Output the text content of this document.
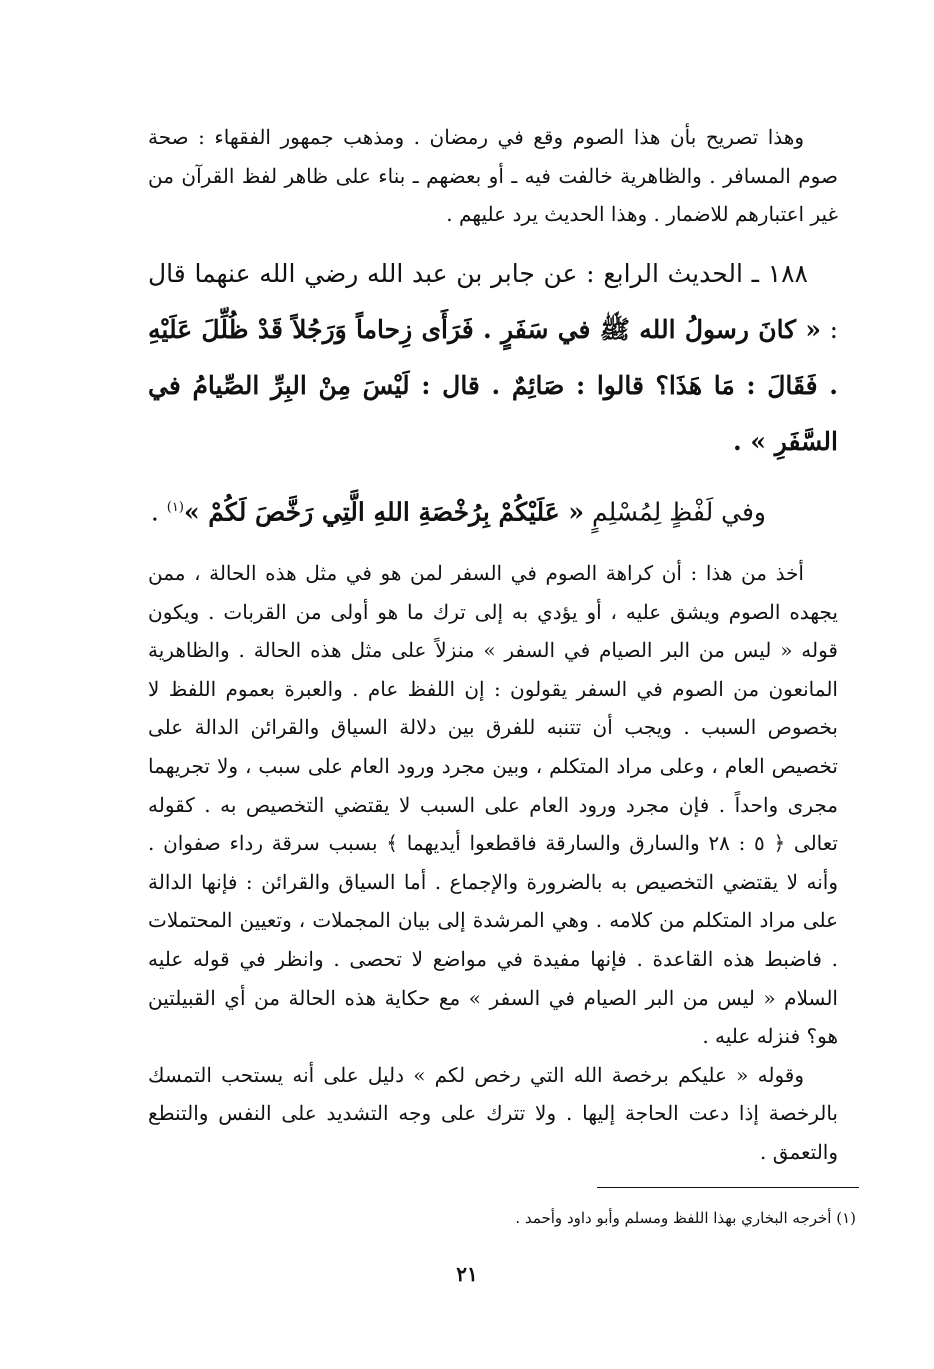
وهذا تصريح بأن هذا الصوم وقع في رمضان . ومذهب جمهور الفقهاء : صحة صوم المسافر . والظاهرية خالفت فيه ـ أو بعضهم ـ بناء على ظاهر لفظ القرآن من غير اعتبارهم للاضمار . وهذا الحديث يرد عليهم .

١٨٨ ـ الحديث الرابع : عن جابر بن عبد الله رضي الله عنهما قال : « كانَ رسولُ الله ﷺ في سَفَرٍ . فَرَأَى زِحاماً وَرَجُلاً قَدْ ظُلِّلَ عَلَيْهِ . فَقَالَ : مَا هَذَا؟ قالوا : صَائِمٌ . قال : لَيْسَ مِنْ البِرِّ الصِّيامُ في السَّفَرِ » .

وفي لَفْظٍ لِمُسْلِمٍ « عَلَيْكُمْ بِرُخْصَةِ اللهِ الَّتِي رَخَّصَ لَكُمْ »$^{(١)}$ .

أخذ من هذا : أن كراهة الصوم في السفر لمن هو في مثل هذه الحالة ، ممن يجهده الصوم ويشق عليه ، أو يؤدي به إلى ترك ما هو أولى من القربات . ويكون قوله « ليس من البر الصيام في السفر » منزلاً على مثل هذه الحالة . والظاهرية المانعون من الصوم في السفر يقولون : إن اللفظ عام . والعبرة بعموم اللفظ لا بخصوص السبب . ويجب أن تتنبه للفرق بين دلالة السياق والقرائن الدالة على تخصيص العام ، وعلى مراد المتكلم ، وبين مجرد ورود العام على سبب ، ولا تجريهما مجرى واحداً . فإن مجرد ورود العام على السبب لا يقتضي التخصيص به . كقوله تعالى ﴿ ٥ : ٢٨ والسارق والسارقة فاقطعوا أيديهما ﴾ بسبب سرقة رداء صفوان . وأنه لا يقتضي التخصيص به بالضرورة والإجماع . أما السياق والقرائن : فإنها الدالة على مراد المتكلم من كلامه . وهي المرشدة إلى بيان المجملات ، وتعيين المحتملات . فاضبط هذه القاعدة . فإنها مفيدة في مواضع لا تحصى . وانظر في قوله عليه السلام « ليس من البر الصيام في السفر » مع حكاية هذه الحالة من أي القبيلتين هو؟ فنزله عليه .

وقوله « عليكم برخصة الله التي رخص لكم » دليل على أنه يستحب التمسك بالرخصة إذا دعت الحاجة إليها . ولا تترك على وجه التشديد على النفس والتنطع والتعمق .

(١) أخرجه البخاري بهذا اللفظ ومسلم وأبو داود وأحمد .
٢١
